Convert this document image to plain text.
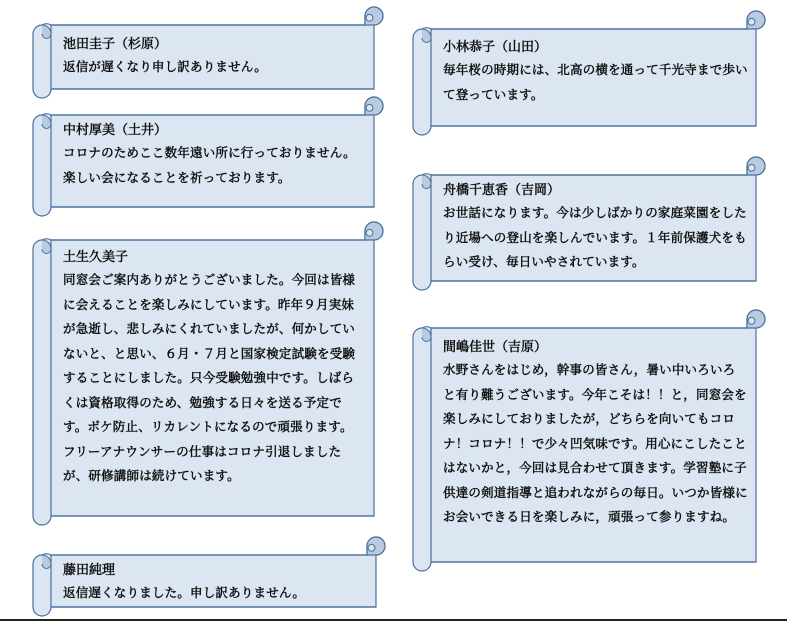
池田圭子（杉原）
返信が遅くなり申し訳ありません。
中村厚美（土井）
コロナのためここ数年遠い所に行っておりません。楽しい会になることを祈っております。
土生久美子
同窓会ご案内ありがとうございました。今回は皆様に会えることを楽しみにしています。昨年９月実妹が急逝し、悲しみにくれていましたが、何かしていないと、と思い、６月・７月と国家検定試験を受験することにしました。只今受験勉強中です。しばらくは資格取得のため、勉強する日々を送る予定です。ボケ防止、リカレントになるので頑張ります。フリーアナウンサーの仕事はコロナ引退しましたが、研修講師は続けています。
藤田純理
返信遅くなりました。申し訳ありません。
小林恭子（山田）
毎年桜の時期には、北高の横を通って千光寺まで歩いて登っています。
舟橋千恵香（吉岡）
お世話になります。今は少しばかりの家庭菜園をしたり近場への登山を楽しんでいます。１年前保護犬をもらい受け、毎日いやされています。
間嶋佳世（吉原）
水野さんをはじめ，幹事の皆さん，暑い中いろいろと有り難うございます。今年こそは！！と，同窓会を楽しみにしておりましたが，どちらを向いてもコロナ！コロナ！！で少々凹気味です。用心にこしたことはないかと，今回は見合わせて頂きます。学習塾に子供達の剣道指導と追われながらの毎日。いつか皆様にお会いできる日を楽しみに，頑張って参りますね。
